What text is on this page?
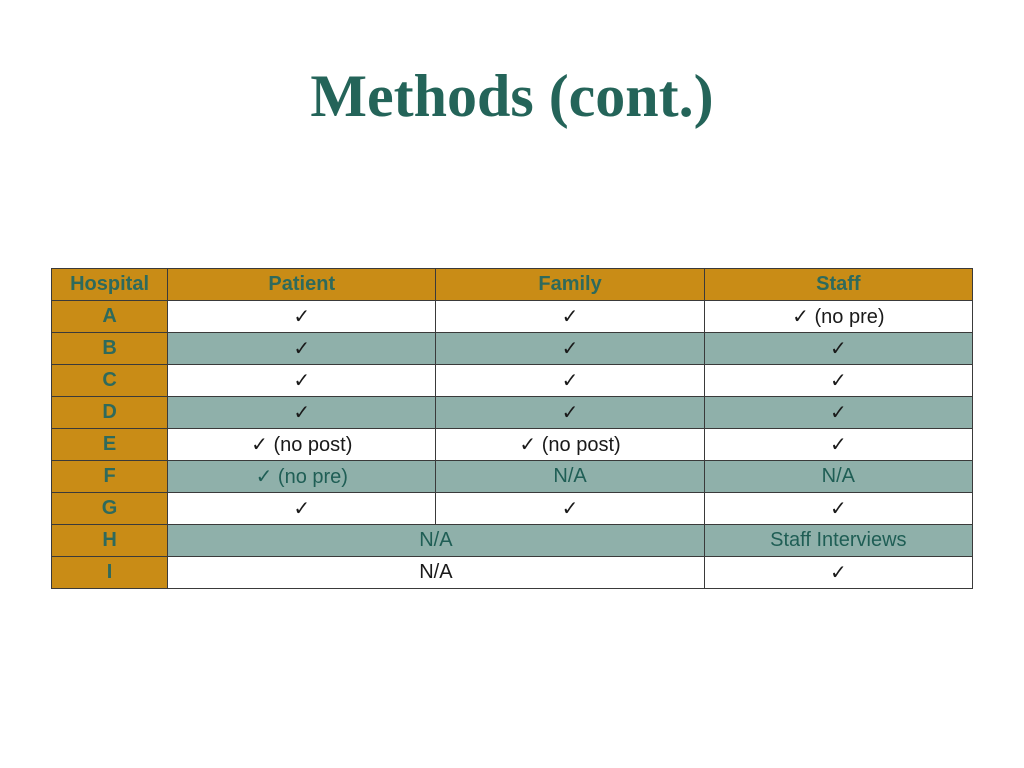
Methods (cont.)
Hospital	Patient	Family	Staff
A	✓	✓	✓ (no pre)
B	✓	✓	✓
C	✓	✓	✓
D	✓	✓	✓
E	✓ (no post)	✓ (no post)	✓
F	✓ (no pre)	N/A	N/A
G	✓	✓	✓
H	N/A		Staff Interviews
I	N/A		✓
